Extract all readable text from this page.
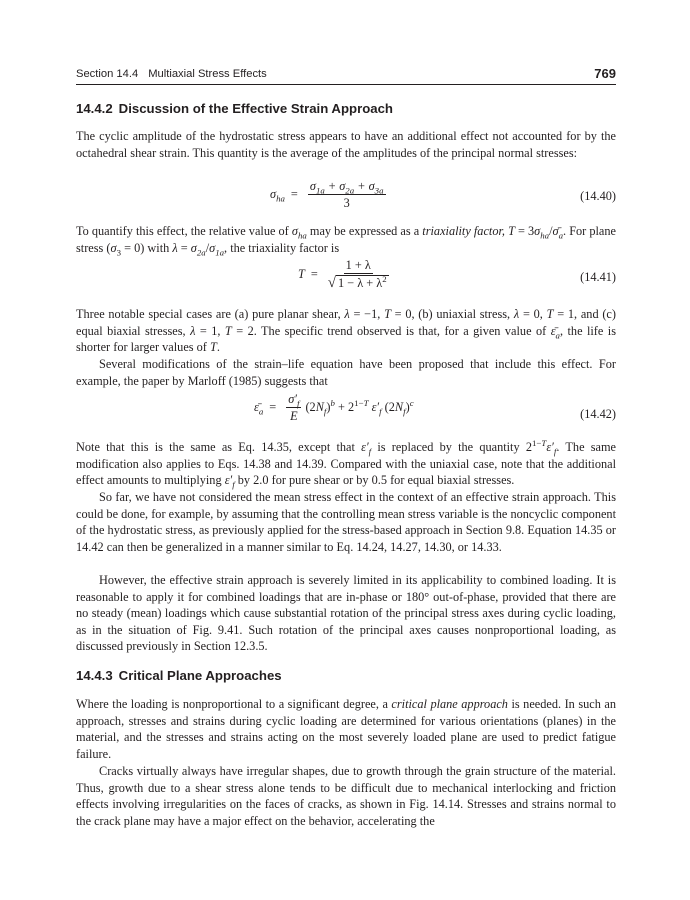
Section 14.4 Multiaxial Stress Effects	769
14.4.2 Discussion of the Effective Strain Approach
The cyclic amplitude of the hydrostatic stress appears to have an additional effect not accounted for by the octahedral shear strain. This quantity is the average of the amplitudes of the principal normal stresses:
$\sigma_{ha} = \frac{\sigma_{1a} + \sigma_{2a} + \sigma_{3a}}{3}$	(14.40)
To quantify this effect, the relative value of $\sigma_{ha}$ may be expressed as a triaxiality factor, $T = 3\sigma_{ha}/\sigmā_a$. For plane stress $(\sigma_3 = 0)$ with $\lambda = \sigma_{2a}/\sigma_{1a}$, the triaxiality factor is
$T = \frac{1 + \lambda}{√ 1 - \lambda + \lambda^2}$	(14.41)
Three notable special cases are (a) pure planar shear, λ = −1, T = 0, (b) uniaxial stress, λ = 0, T = 1, and (c) equal biaxial stresses, λ = 1, T = 2. The specific trend observed is that, for a given value of $\varepsilon̄_a$, the life is shorter for larger values of T.
Several modifications of the strain–life equation have been proposed that include this effect. For example, the paper by Marloff (1985) suggests that
$\varepsilon̄_a = \frac{\sigma'_f}{E} (2N_f)^b + 2^{1-T}$ $\varepsilon'_f$ $(2N_f)^c$
(14.42)
Note that this is the same as Eq. 14.35, except that $\varepsilon'_f$ is replaced by the quantity $2^{1-T}\varepsilon'_f$. The same modification also applies to Eqs. 14.38 and 14.39. Compared with the uniaxial case, note that the additional effect amounts to multiplying $\varepsilon'_f$ by 2.0 for pure shear or by 0.5 for equal biaxial stresses.
So far, we have not considered the mean stress effect in the context of an effective strain approach. This could be done, for example, by assuming that the controlling mean stress variable is the noncyclic component of the hydrostatic stress, as previously applied for the stress-based approach in Section 9.8. Equation 14.35 or 14.42 can then be generalized in a manner similar to Eq. 14.24, 14.27, 14.30, or 14.33.
However, the effective strain approach is severely limited in its applicability to combined loading. It is reasonable to apply it for combined loadings that are in-phase or 180° out-of-phase, provided that there are no steady (mean) loadings which cause substantial rotation of the principal stress axes during cyclic loading, as in the situation of Fig. 9.41. Such rotation of the principal axes causes nonproportional loading, as discussed previously in Section 12.3.5.
14.4.3 Critical Plane Approaches
Where the loading is nonproportional to a significant degree, a critical plane approach is needed. In such an approach, stresses and strains during cyclic loading are determined for various orientations (planes) in the material, and the stresses and strains acting on the most severely loaded plane are used to predict fatigue failure.
Cracks virtually always have irregular shapes, due to growth through the grain structure of the material. Thus, growth due to a shear stress alone tends to be difficult due to mechanical interlocking and friction effects involving irregularities on the faces of cracks, as shown in Fig. 14.14. Stresses and strains normal to the crack plane may have a major effect on the behavior, accelerating the
